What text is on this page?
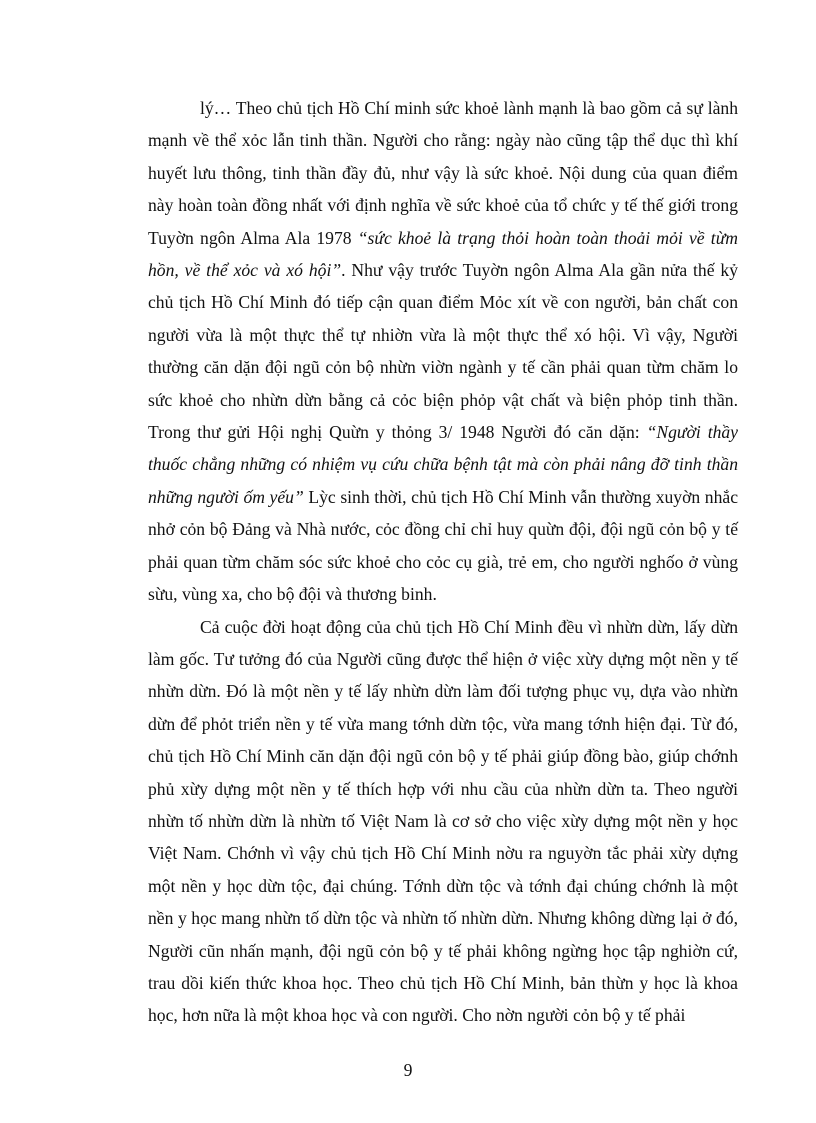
lý… Theo chủ tịch Hồ Chí minh sức khoẻ lành mạnh là bao gồm cả sự lành mạnh về thể xỏc lẫn tinh thần. Người cho rằng: ngày nào cũng tập thể dục thì khí huyết lưu thông, tinh thần đầy đủ, như vậy là sức khoẻ. Nội dung của quan điểm này hoàn toàn đồng nhất với định nghĩa về sức khoẻ của tổ chức y tế thế giới trong Tuyờn ngôn Alma Ala 1978 “sức khoẻ là trạng thỏi hoàn toàn thoải mỏi về từm hồn, về thể xỏc và xó hội”. Như vậy trước Tuyờn ngôn Alma Ala gần nửa thế kỷ chủ tịch Hồ Chí Minh đó tiếp cận quan điểm Mỏc xít về con người, bản chất con người vừa là một thực thể tự nhiờn vừa là một thực thể xó hội. Vì vậy, Người thường căn dặn đội ngũ cỏn bộ nhừn viờn ngành y tế cần phải quan từm chăm lo sức khoẻ cho nhừn dừn bằng cả cỏc biện phỏp vật chất và biện phỏp tinh thần. Trong thư gửi Hội nghị Quừn y thỏng 3/ 1948 Người đó căn dặn: “Người thầy thuốc chẳng những có nhiệm vụ cứu chữa bệnh tật mà còn phải nâng đỡ tinh thần những người ốm yếu” Lỳc sinh thời, chủ tịch Hồ Chí Minh vẫn thường xuyờn nhắc nhở cỏn bộ Đảng và Nhà nước, cỏc đồng chỉ chỉ huy quừn đội, đội ngũ cỏn bộ y tế phải quan từm chăm sóc sức khoẻ cho cỏc cụ già, trẻ em, cho người nghốo ở vùng sừu, vùng xa, cho bộ đội và thương binh.

Cả cuộc đời hoạt động của chủ tịch Hồ Chí Minh đều vì nhừn dừn, lấy dừn làm gốc. Tư tưởng đó của Người cũng được thể hiện ở việc xừy dựng một nền y tế nhừn dừn. Đó là một nền y tế lấy nhừn dừn làm đối tượng phục vụ, dựa vào nhừn dừn để phỏt triển nền y tế vừa mang tớnh dừn tộc, vừa mang tớnh hiện đại. Từ đó, chủ tịch Hồ Chí Minh căn dặn đội ngũ cỏn bộ y tế phải giúp đồng bào, giúp chớnh phủ xừy dựng một nền y tế thích hợp với nhu cầu của nhừn dừn ta. Theo người nhừn tố nhừn dừn là nhừn tố Việt Nam là cơ sở cho việc xừy dựng một nền y học Việt Nam. Chớnh vì vậy chủ tịch Hồ Chí Minh nờu ra nguyờn tắc phải xừy dựng một nền y học dừn tộc, đại chúng. Tớnh dừn tộc và tớnh đại chúng chớnh là một nền y học mang nhừn tố dừn tộc và nhừn tố nhừn dừn. Nhưng không dừng lại ở đó, Người cũn nhấn mạnh, đội ngũ cỏn bộ y tế phải không ngừng học tập nghiờn cứ, trau dồi kiến thức khoa học. Theo chủ tịch Hồ Chí Minh, bản thừn y học là khoa học, hơn nữa là một khoa học và con người. Cho nờn người cỏn bộ y tế phải

9
